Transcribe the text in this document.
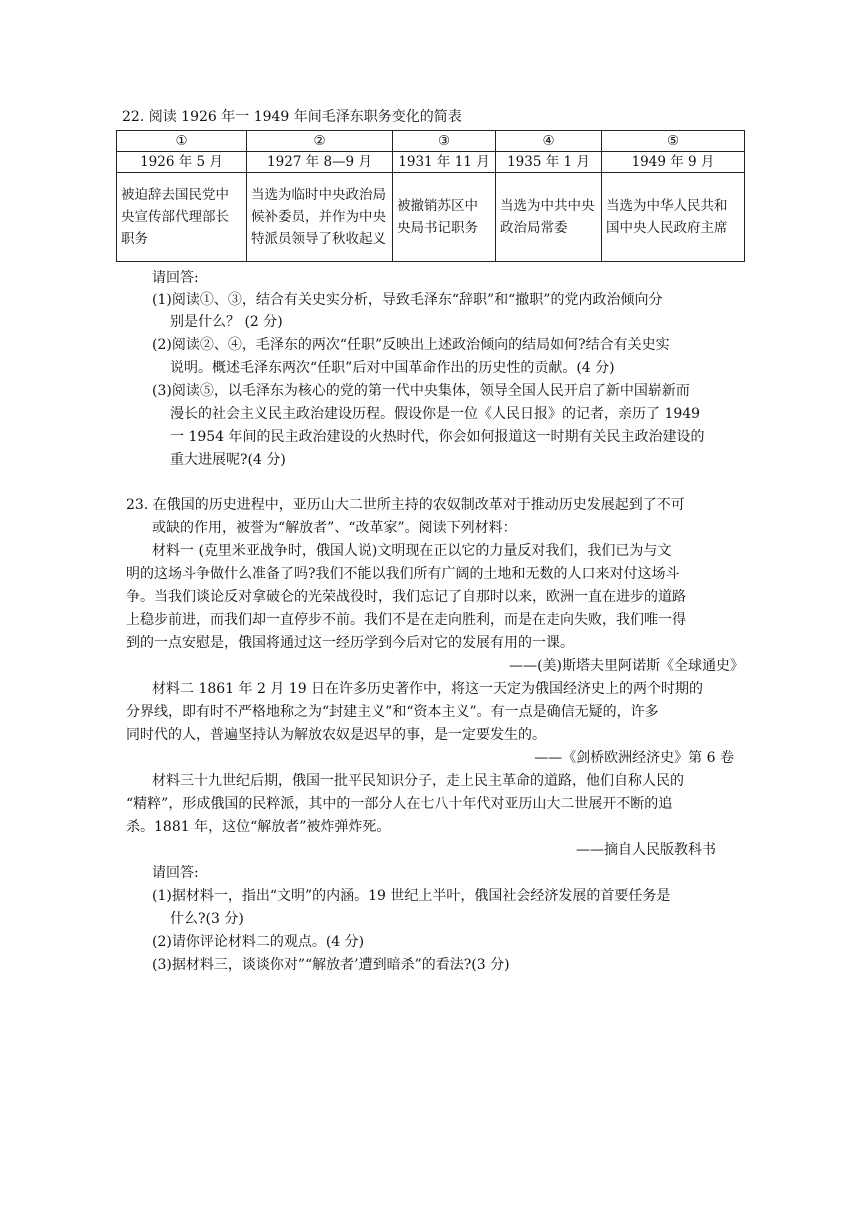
22. 阅读 1926 年一 1949 年间毛泽东职务变化的简表
①	②	③	④	⑤
1926 年 5 月	1927 年 8—9 月	1931 年 11 月	1935 年 1 月	1949 年 9 月
被迫辞去国民党中央宣传部代理部长职务	当选为临时中央政治局候补委员，并作为中央特派员领导了秋收起义	被撤销苏区中央局书记职务	当选为中共中央政治局常委	当选为中华人民共和国中央人民政府主席
请回答:
(1)阅读①、③，结合有关史实分析，导致毛泽东“辞职”和“撤职”的党内政治倾向分
别是什么？ (2 分)
(2)阅读②、④，毛泽东的两次“任职”反映出上述政治倾向的结局如何?结合有关史实
说明。概述毛泽东两次“任职”后对中国革命作出的历史性的贡献。(4 分)
(3)阅读⑤，以毛泽东为核心的党的第一代中央集体，领导全国人民开启了新中国崭新而
漫长的社会主义民主政治建设历程。假设你是一位《人民日报》的记者，亲历了 1949
一 1954 年间的民主政治建设的火热时代，你会如何报道这一时期有关民主政治建设的
重大进展呢?(4 分)
23. 在俄国的历史进程中，亚历山大二世所主持的农奴制改革对于推动历史发展起到了不可
或缺的作用，被誉为“解放者”、“改革家”。阅读下列材料：
材料一 (克里米亚战争时，俄国人说)文明现在正以它的力量反对我们，我们已为与文
明的这场斗争做什么准备了吗?我们不能以我们所有广阔的土地和无数的人口来对付这场斗
争。当我们谈论反对拿破仑的光荣战役时，我们忘记了自那时以来，欧洲一直在进步的道路
上稳步前进，而我们却一直停步不前。我们不是在走向胜利，而是在走向失败，我们唯一得
到的一点安慰是，俄国将通过这一经历学到今后对它的发展有用的一课。
——(美)斯塔夫里阿诺斯《全球通史》
材料二 1861 年 2 月 19 日在许多历史著作中，将这一天定为俄国经济史上的两个时期的
分界线，即有时不严格地称之为“封建主义”和“资本主义”。有一点是确信无疑的，许多
同时代的人，普遍坚持认为解放农奴是迟早的事，是一定要发生的。
——《剑桥欧洲经济史》第 6 卷
材料三十九世纪后期，俄国一批平民知识分子，走上民主革命的道路，他们自称人民的
“精粹”，形成俄国的民粹派，其中的一部分人在七八十年代对亚历山大二世展开不断的追
杀。1881 年，这位“解放者”被炸弹炸死。
——摘自人民版教科书
请回答:
(1)据材料一，指出“文明”的内涵。19 世纪上半叶，俄国社会经济发展的首要任务是
什么?(3 分)
(2)请你评论材料二的观点。(4 分)
(3)据材料三，谈谈你对”“解放者’遭到暗杀”的看法?(3 分)
